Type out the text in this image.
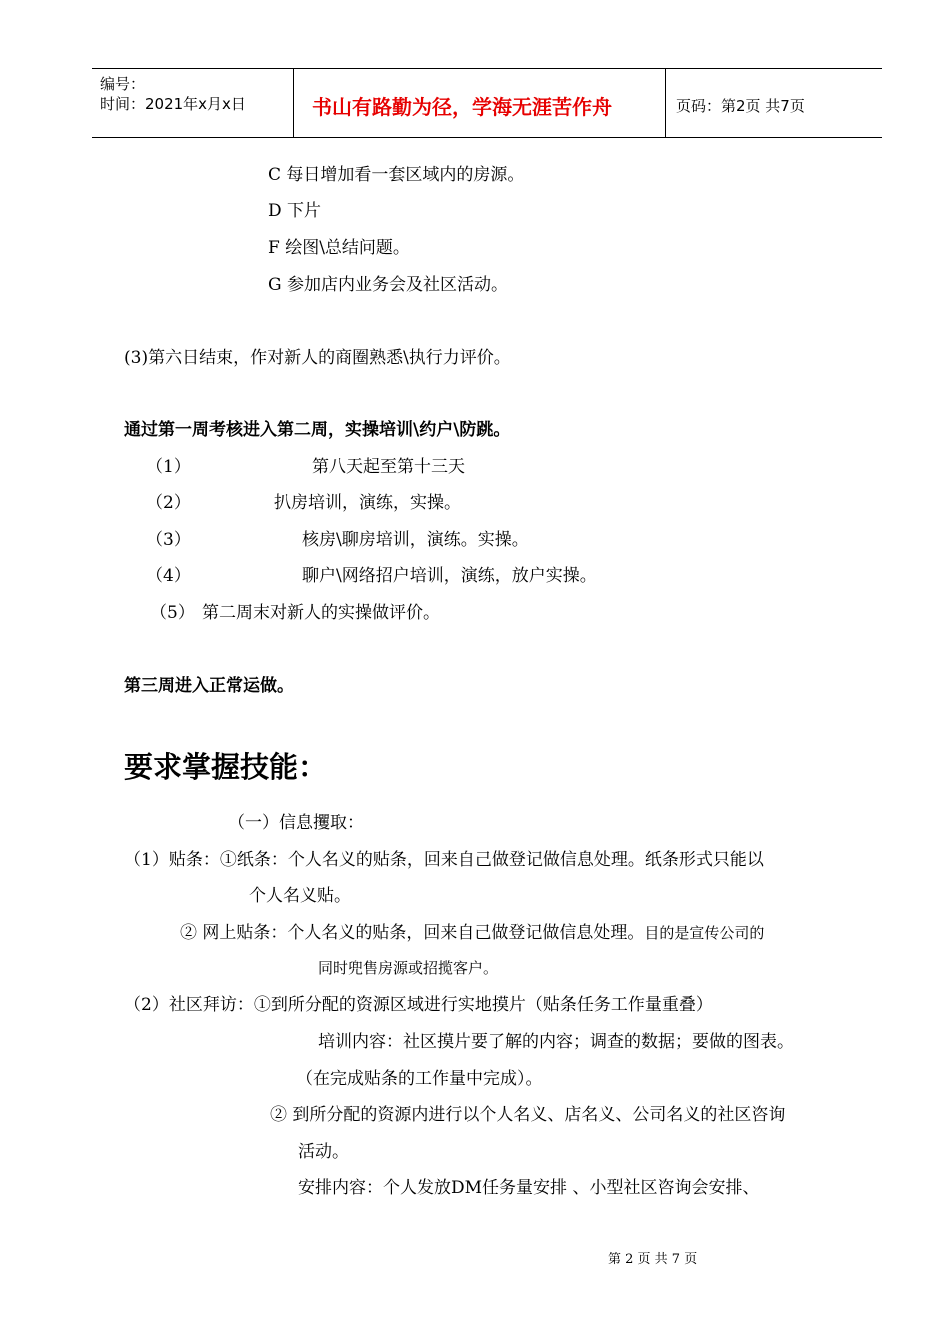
编号：
时间：2021年x月x日	书山有路勤为径，学海无涯苦作舟	页码：第2页 共7页
C 每日增加看一套区域内的房源。
D 下片
F 绘图\总结问题。
G 参加店内业务会及社区活动。
(3)第六日结束，作对新人的商圈熟悉\执行力评价。
通过第一周考核进入第二周，实操培训\约户\防跳。
（1）	第八天起至第十三天
（2）	扒房培训，演练，实操。
（3）	核房\聊房培训，演练。实操。
（4）	聊户\网络招户培训，演练，放户实操。
（5） 第二周末对新人的实操做评价。
第三周进入正常运做。
要求掌握技能：
（一）信息攫取：
（1）贴条：①纸条：个人名义的贴条，回来自己做登记做信息处理。纸条形式只能以
个人名义贴。
② 网上贴条：个人名义的贴条，回来自己做登记做信息处理。目的是宣传公司的
同时兜售房源或招揽客户。
（2）社区拜访：①到所分配的资源区域进行实地摸片（贴条任务工作量重叠）
培训内容：社区摸片要了解的内容；调查的数据；要做的图表。
（在完成贴条的工作量中完成）。
② 到所分配的资源内进行以个人名义、店名义、公司名义的社区咨询
活动。
安排内容：个人发放DM任务量安排 、小型社区咨询会安排、
第 2 页 共 7 页
